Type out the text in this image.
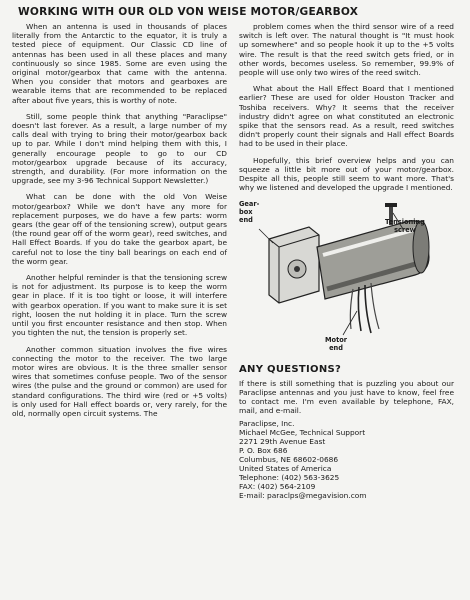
WORKING WITH OUR OLD VON WEISE MOTOR/GEARBOX

When an antenna is used in thousands of places literally from the Antarctic to the equator, it is truly a tested piece of equipment. Our Classic CD line of antennas has been used in all these places and many continuously so since 1985. Some are even using the original motor/gearbox that came with the antenna. When you consider that motors and gearboxes are wearable items that are recommended to be replaced after about five years, this is worthy of note.

Still, some people think that anything "Paraclipse" doesn't last forever. As a result, a large number of my calls deal with trying to bring their motor/gearbox back up to par. While I don't mind helping them with this, I generally encourage people to go to our CD motor/gearbox upgrade because of its accuracy, strength, and durability. (For more information on the upgrade, see my 3-96 Technical Support Newsletter.)

What can be done with the old Von Weise motor/gearbox? While we don't have any more for replacement purposes, we do have a few parts: worm gears (the gear off of the tensioning screw), output gears (the round gear off of the worm gear), reed switches, and Hall Effect Boards. If you do take the gearbox apart, be careful not to lose the tiny ball bearings on each end of the worm gear.

Another helpful reminder is that the tensioning screw is not for adjustment. Its purpose is to keep the worm gear in place. If it is too tight or loose, it will interfere with gearbox operation. If you want to make sure it is set right, loosen the nut holding it in place. Turn the screw until you first encounter resistance and then stop. When you tighten the nut, the tension is properly set.

Another common situation involves the five wires connecting the motor to the receiver. The two large motor wires are obvious. It is the three smaller sensor wires that sometimes confuse people. Two of the sensor wires (the pulse and the ground or common) are used for standard configurations. The third wire (red or +5 volts) is only used for Hall effect boards or, very rarely, for the old, normally open circuit systems. The

problem comes when the third sensor wire of a reed switch is left over. The natural thought is "It must hook up somewhere" and so people hook it up to the +5 volts wire. The result is that the reed switch gets fried, or in other words, becomes useless. So remember, 99.9% of people will use only two wires of the reed switch.

What about the Hall Effect Board that I mentioned earlier? These are used for older Houston Tracker and Toshiba receivers. Why? It seems that the receiver industry didn't agree on what constituted an electronic spike that the sensors read. As a result, reed switches didn't properly count their signals and Hall effect Boards had to be used in their place.

Hopefully, this brief overview helps and you can squeeze a little bit more out of your motor/gearbox. Despite all this, people still seem to want more. That's why we listened and developed the upgrade I mentioned.

Gear-
box
end	Tensioning
screw
Motor
end
ANY QUESTIONS?

If there is still something that is puzzling you about our Paraclipse antennas and you just have to know, feel free to contact me. I'm even available by telephone, FAX, mail, and e-mail.

Paraclipse, Inc.
Michael McGee, Technical Support
2271 29th Avenue East
P. O. Box 686
Columbus, NE 68602-0686
United States of America
Telephone: (402) 563-3625
FAX: (402) 564-2109
E-mail: paraclps@megavision.com
